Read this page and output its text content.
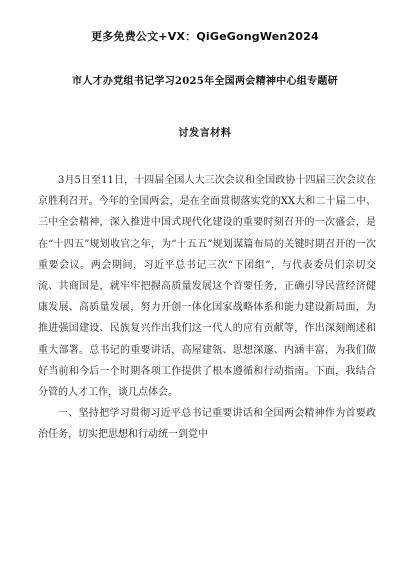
更多免费公文+VX：QiGeGongWen2024
市人才办党组书记学习2025年全国两会精神中心组专题研
讨发言材料

3月5日至11日，十四届全国人大三次会议和全国政协十四届三次会议在京胜利召开。今年的全国两会，是在全面贯彻落实党的XX大和二十届二中、三中全会精神，深入推进中国式现代化建设的重要时刻召开的一次盛会，是在“十四五”规划收官之年，为“十五五”规划谋篇布局的关键时期召开的一次重要会议。两会期间，习近平总书记三次“下团组”，与代表委员们亲切交流、共商国是，就牢牢把握高质量发展这个首要任务，正确引导民营经济健康发展、高质量发展，努力开创一体化国家战略体系和能力建设新局面，为推进强国建设、民族复兴作出我们这一代人的应有贡献等，作出深刻阐述和重大部署。总书记的重要讲话，高屋建瓴、思想深邃、内涵丰富，为我们做好当前和今后一个时期各项工作提供了根本遵循和行动指南。下面，我结合分管的人才工作，谈几点体会。

一、坚持把学习贯彻习近平总书记重要讲话和全国两会精神作为首要政治任务，切实把思想和行动统一到党中
